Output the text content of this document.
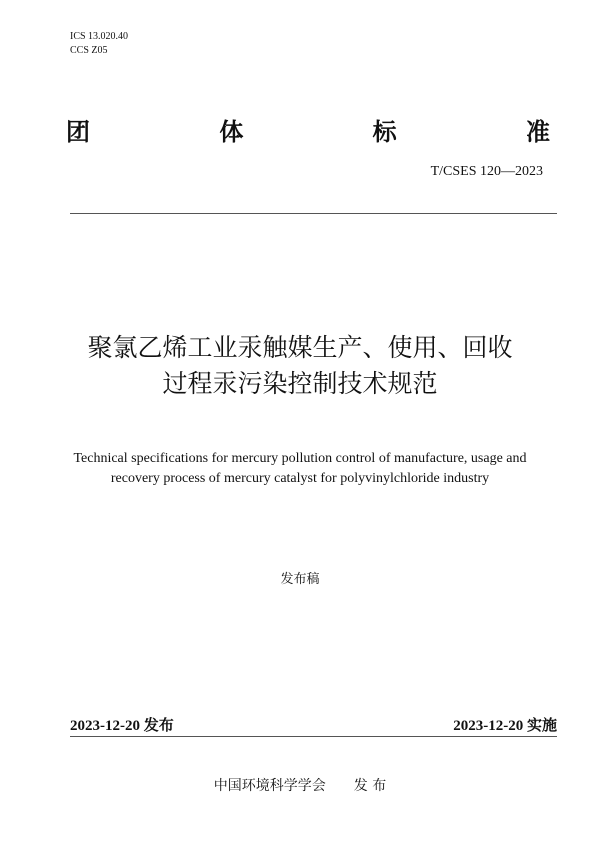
ICS 13.020.40
CCS Z05
团	体	标	准
T/CSES 120—2023
聚氯乙烯工业汞触媒生产、使用、回收
过程汞污染控制技术规范
Technical specifications for mercury pollution control of manufacture, usage and
recovery process of mercury catalyst for polyvinylchloride industry
发布稿
2023-12-20 发布	2023-12-20 实施
中国环境科学学会 发 布
